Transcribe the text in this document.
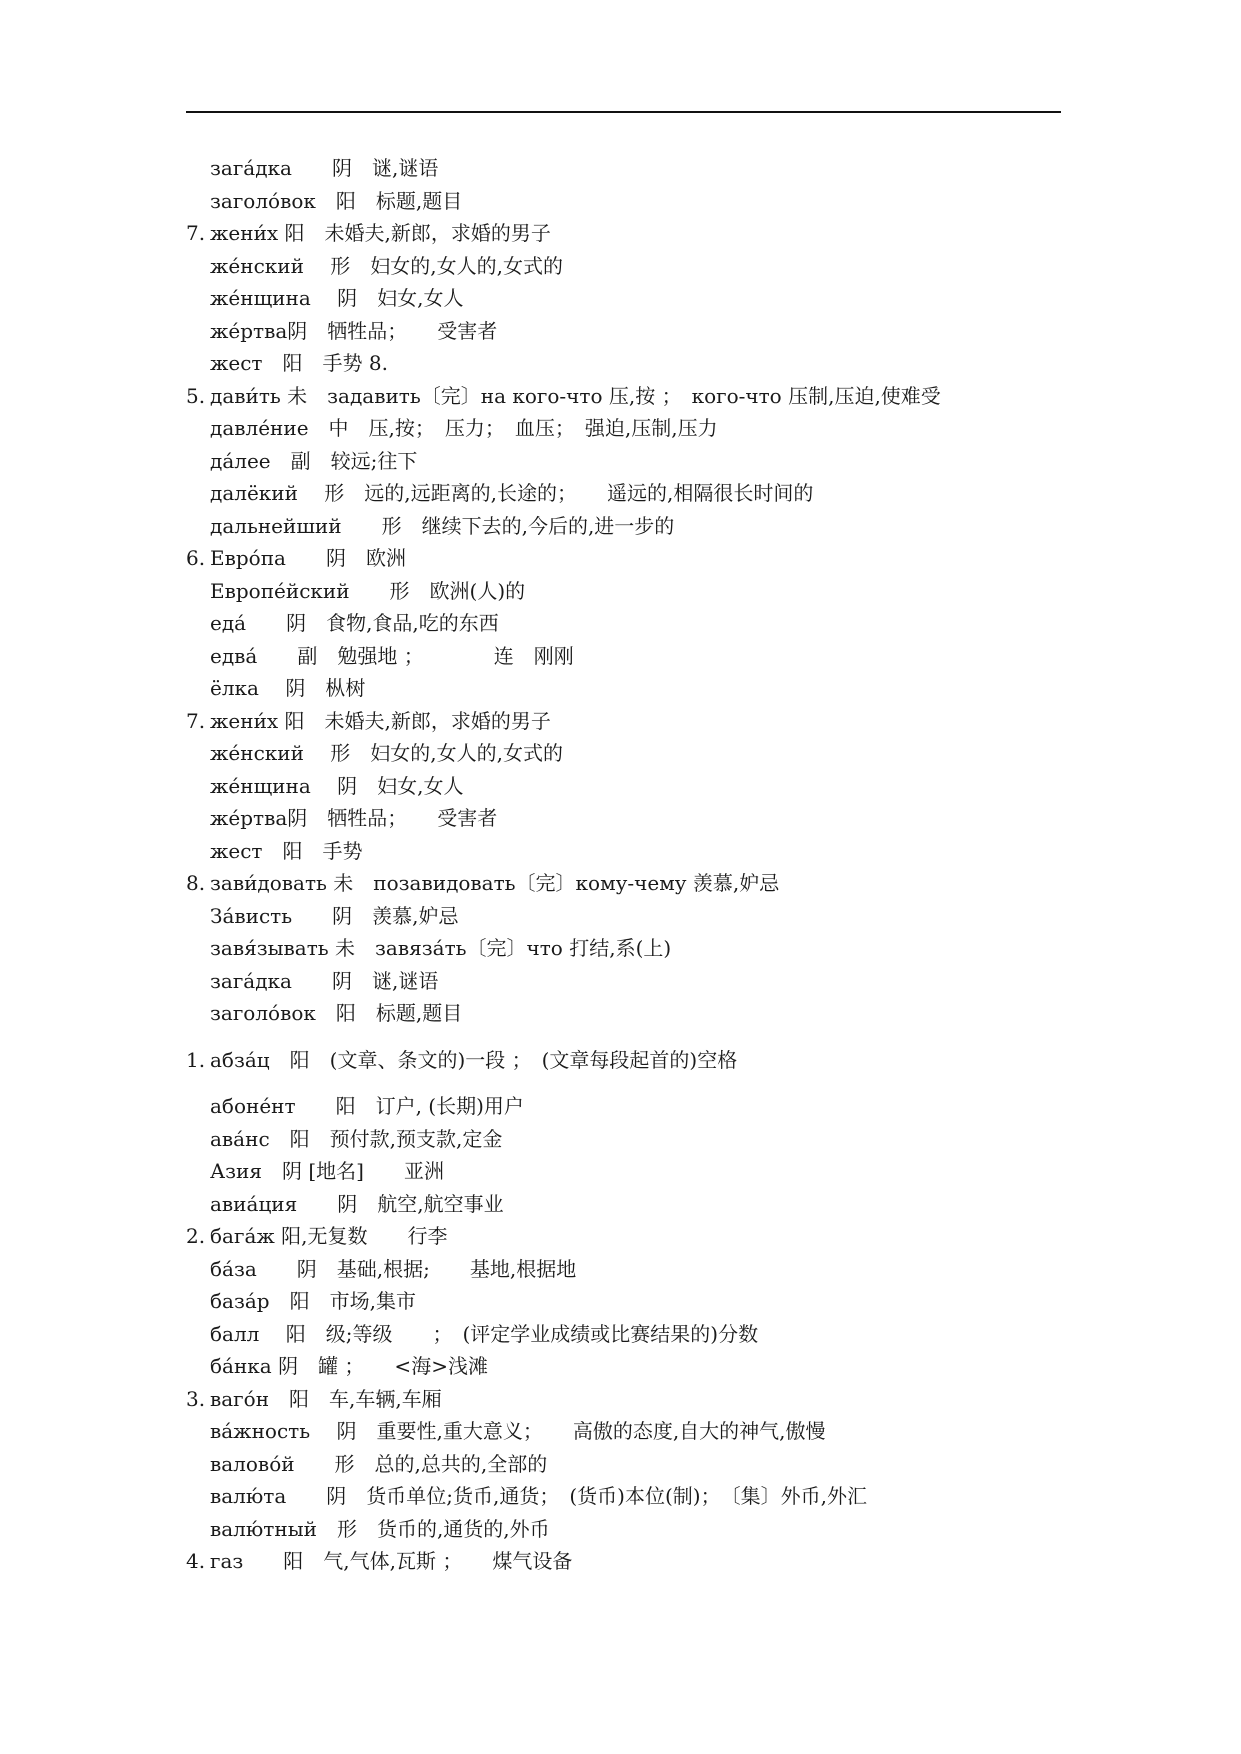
зага́дка　　阴　谜,谜语
заголо́вок　阳　标题,题目
7. жени́х 阳　未婚夫,新郎，求婚的男子
же́нский　 形　妇女的,女人的,女式的
же́нщина　 阴　妇女,女人
же́ртва阴　牺牲品；　　受害者
жест　阳　手势 8.
5. дави́ть 未　задавить〔完〕на кого-что 压,按 ；　кого-что 压制,压迫,使难受
давле́ние　中　压,按；　压力；　血压；　强迫,压制,压力
да́лее　副　较远;往下
далёкий　 形　远的,远距离的,长途的；　　遥远的,相隔很长时间的
дальнейший　　形　继续下去的,今后的,进一步的
6. Евро́па　　阴　欧洲
Европе́йский　　形　欧洲(人)的
еда́　　阴　食物,食品,吃的东西
едва́　　副　勉强地 ；　　　　连　刚刚
ёлка　 阴　枞树
7. жени́х 阳　未婚夫,新郎，求婚的男子
же́нский　 形　妇女的,女人的,女式的
же́нщина　 阴　妇女,女人
же́ртва阴　牺牲品；　　受害者
жест　阳　手势
8. зави́довать 未　позавидовать〔完〕кому-чему 羡慕,妒忌
За́висть　　阴　羡慕,妒忌
завя́зывать 未　завяза́ть〔完〕что 打结,系(上)
зага́дка　　阴　谜,谜语
заголо́вок　阳　标题,题目
1. абза́ц　阳　(文章、条文的)一段 ；　(文章每段起首的)空格
абоне́нт　　阳　订户, (长期)用户
ава́нс　阳　预付款,预支款,定金
Азия　阴 [地名]　　亚洲
авиа́ция　　阴　航空,航空事业
2. бага́ж 阳,无复数　　行李
ба́за　　阴　基础,根据;　　基地,根据地
база́р　阳　市场,集市
балл　 阳　级;等级　　；　(评定学业成绩或比赛结果的)分数
ба́нка 阴　罐 ；　　<海>浅滩
3. ваго́н　阳　车,车辆,车厢
ва́жность　 阴　重要性,重大意义；　　高傲的态度,自大的神气,傲慢
валово́й　　形　总的,总共的,全部的
валю́та　　阴　货币单位;货币,通货；　(货币)本位(制)；　〔集〕外币,外汇
валю́тный　形　货币的,通货的,外币
4. газ　　阳　气,气体,瓦斯 ；　　煤气设备
